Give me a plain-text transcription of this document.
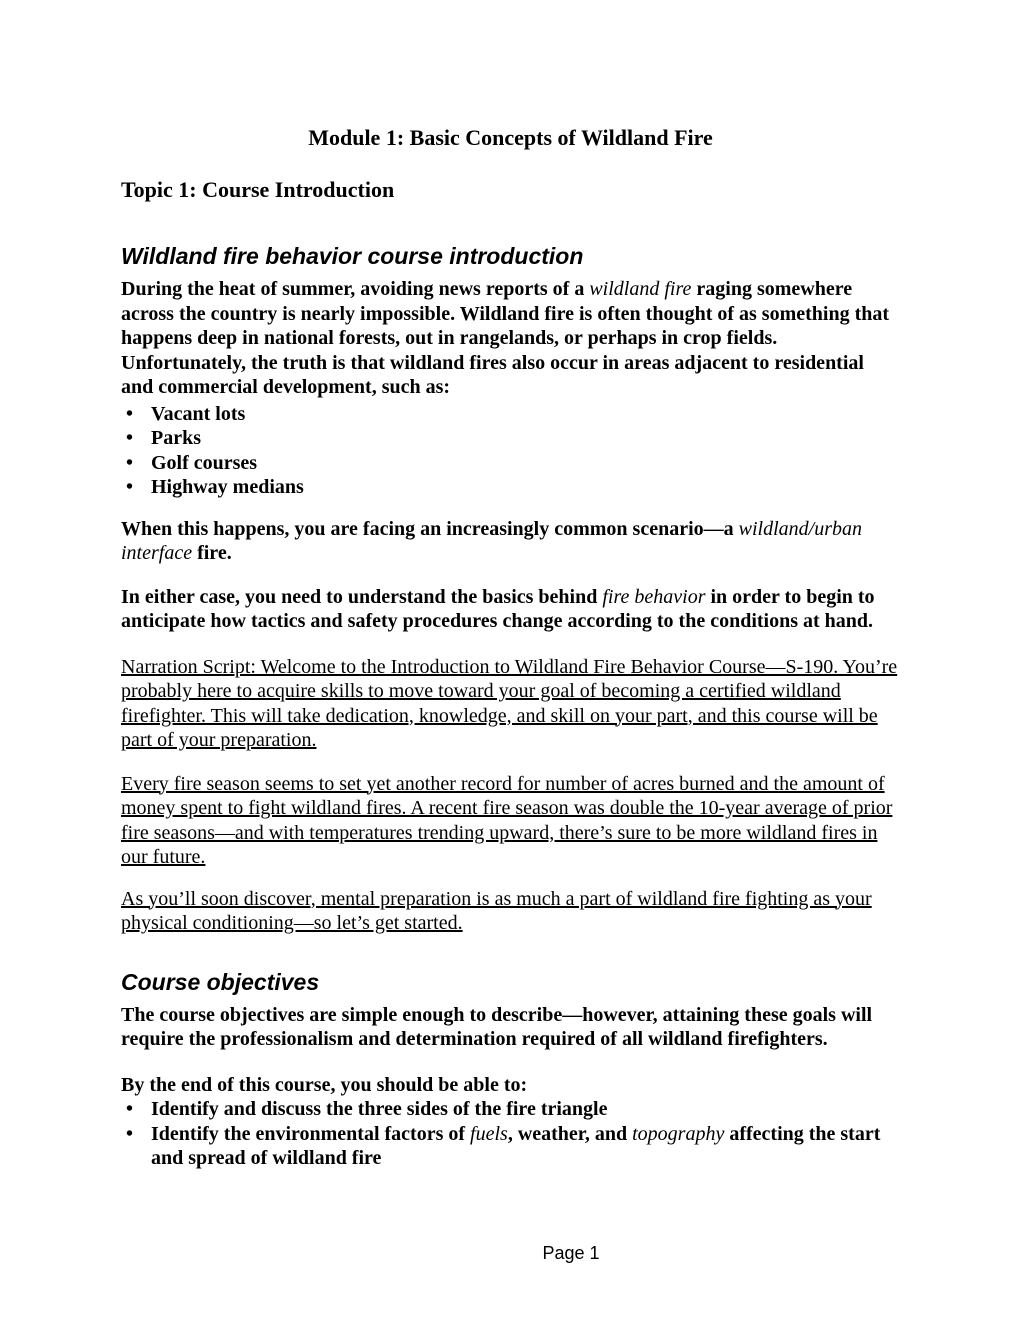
Module 1: Basic Concepts of Wildland Fire
Topic 1: Course Introduction
Wildland fire behavior course introduction

During the heat of summer, avoiding news reports of a wildland fire raging somewhere across the country is nearly impossible. Wildland fire is often thought of as something that happens deep in national forests, out in rangelands, or perhaps in crop fields. Unfortunately, the truth is that wildland fires also occur in areas adjacent to residential and commercial development, such as:

• Vacant lots
• Parks
• Golf courses
• Highway medians

When this happens, you are facing an increasingly common scenario—a wildland/urban interface fire.

In either case, you need to understand the basics behind fire behavior in order to begin to anticipate how tactics and safety procedures change according to the conditions at hand.

Narration Script: Welcome to the Introduction to Wildland Fire Behavior Course—S-190. You’re probably here to acquire skills to move toward your goal of becoming a certified wildland firefighter. This will take dedication, knowledge, and skill on your part, and this course will be part of your preparation.

Every fire season seems to set yet another record for number of acres burned and the amount of money spent to fight wildland fires. A recent fire season was double the 10-year average of prior fire seasons—and with temperatures trending upward, there’s sure to be more wildland fires in our future.

As you’ll soon discover, mental preparation is as much a part of wildland fire fighting as your physical conditioning—so let’s get started.

Course objectives

The course objectives are simple enough to describe—however, attaining these goals will require the professionalism and determination required of all wildland firefighters.

By the end of this course, you should be able to:

• Identify and discuss the three sides of the fire triangle
• Identify the environmental factors of fuels, weather, and topography affecting the start and spread of wildland fire
Page 1
